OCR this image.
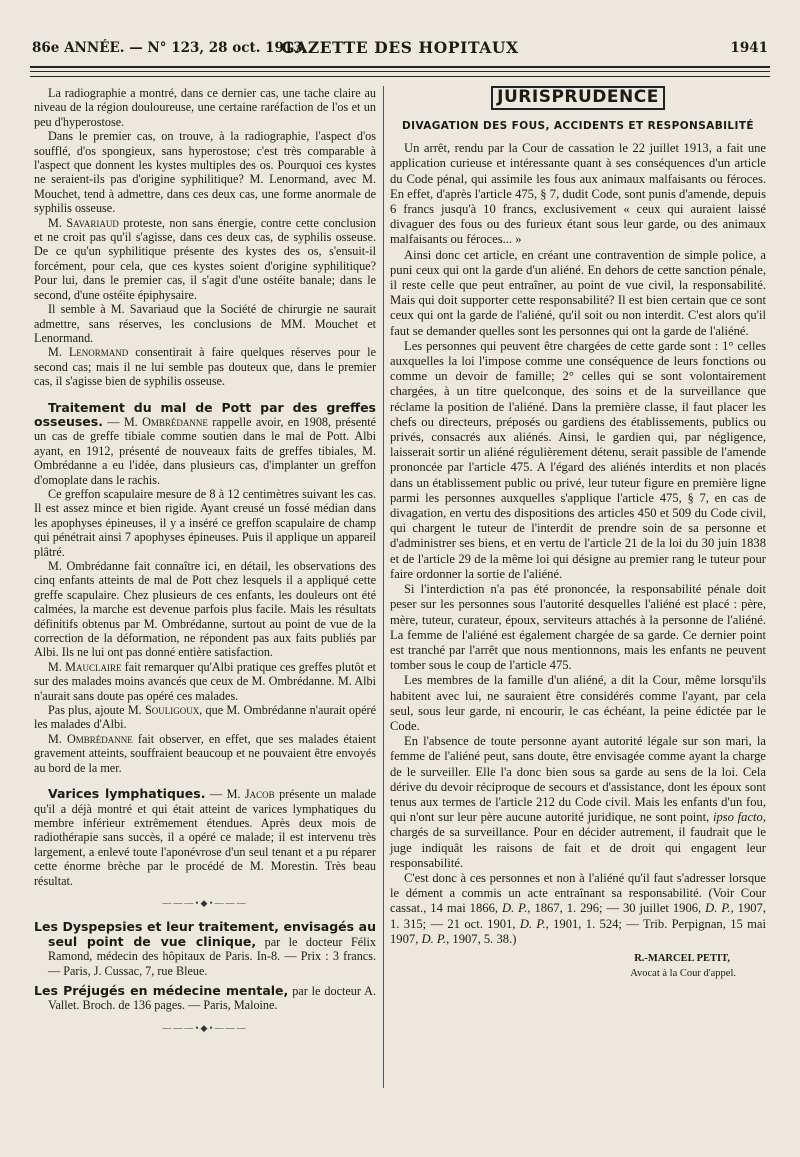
86e ANNÉE. — N° 123, 28 oct. 1913.
GAZETTE DES HOPITAUX	1941

La radiographie a montré, dans ce dernier cas, une tache claire au niveau de la région douloureuse, une certaine raréfaction de l'os et un peu d'hyperostose.

Dans le premier cas, on trouve, à la radiographie, l'aspect d'os soufflé, d'os spongieux, sans hyperostose; c'est très comparable à l'aspect que donnent les kystes multiples des os. Pourquoi ces kystes ne seraient-ils pas d'origine syphilitique? M. Lenormand, avec M. Mouchet, tend à admettre, dans ces deux cas, une forme anormale de syphilis osseuse.

M. Savariaud proteste, non sans énergie, contre cette conclusion et ne croit pas qu'il s'agisse, dans ces deux cas, de syphilis osseuse. De ce qu'un syphilitique présente des kystes des os, s'ensuit-il forcément, pour cela, que ces kystes soient d'origine syphilitique? Pour lui, dans le premier cas, il s'agit d'une ostéite banale; dans le second, d'une ostéite épiphysaire.

Il semble à M. Savariaud que la Société de chirurgie ne saurait admettre, sans réserves, les conclusions de MM. Mouchet et Lenormand.

M. Lenormand consentirait à faire quelques réserves pour le second cas; mais il ne lui semble pas douteux que, dans le premier cas, il s'agisse bien de syphilis osseuse.

Traitement du mal de Pott par des greffes osseuses. — M. Ombrédanne rappelle avoir, en 1908, présenté un cas de greffe tibiale comme soutien dans le mal de Pott. Albi ayant, en 1912, présenté de nouveaux faits de greffes tibiales, M. Ombrédanne a eu l'idée, dans plusieurs cas, d'implanter un greffon d'omoplate dans le rachis.

Ce greffon scapulaire mesure de 8 à 12 centimètres suivant les cas. Il est assez mince et bien rigide. Ayant creusé un fossé médian dans les apophyses épineuses, il y a inséré ce greffon scapulaire de champ qui pénétrait ainsi 7 apophyses épineuses. Puis il applique un appareil plâtré.

M. Ombrédanne fait connaître ici, en détail, les observations des cinq enfants atteints de mal de Pott chez lesquels il a appliqué cette greffe scapulaire. Chez plusieurs de ces enfants, les douleurs ont été calmées, la marche est devenue parfois plus facile. Mais les résultats définitifs obtenus par M. Ombrédanne, surtout au point de vue de la correction de la déformation, ne répondent pas aux faits publiés par Albi. Ils ne lui ont pas donné entière satisfaction.

M. Mauclaire fait remarquer qu'Albi pratique ces greffes plutôt et sur des malades moins avancés que ceux de M. Ombrédanne. M. Albi n'aurait sans doute pas opéré ces malades.

Pas plus, ajoute M. Souligoux, que M. Ombrédanne n'aurait opéré les malades d'Albi.

M. Ombrédanne fait observer, en effet, que ses malades étaient gravement atteints, souffraient beaucoup et ne pouvaient être envoyés au bord de la mer.

Varices lymphatiques. — M. Jacob présente un malade qu'il a déjà montré et qui était atteint de varices lymphatiques du membre inférieur extrêmement étendues. Après deux mois de radiothérapie sans succès, il a opéré ce malade; il est intervenu très largement, a enlevé toute l'aponévrose d'un seul tenant et a pu réparer cette énorme brèche par le procédé de M. Morestin. Très beau résultat.

———•◆•———

Les Dyspepsies et leur traitement, envisagés au seul point de vue clinique, par le docteur Félix Ramond, médecin des hôpitaux de Paris. In-8. — Prix : 3 francs. — Paris, J. Cussac, 7, rue Bleue.

Les Préjugés en médecine mentale, par le docteur A. Vallet. Broch. de 136 pages. — Paris, Maloine.

———•◆•———
JURISPRUDENCE
DIVAGATION DES FOUS, ACCIDENTS ET RESPONSABILITÉ

Un arrêt, rendu par la Cour de cassation le 22 juillet 1913, a fait une application curieuse et intéressante quant à ses conséquences d'un article du Code pénal, qui assimile les fous aux animaux malfaisants ou féroces. En effet, d'après l'article 475, § 7, dudit Code, sont punis d'amende, depuis 6 francs jusqu'à 10 francs, exclusivement « ceux qui auraient laissé divaguer des fous ou des furieux étant sous leur garde, ou des animaux malfaisants ou féroces... »

Ainsi donc cet article, en créant une contravention de simple police, a puni ceux qui ont la garde d'un aliéné. En dehors de cette sanction pénale, il reste celle que peut entraîner, au point de vue civil, la responsabilité. Mais qui doit supporter cette responsabilité? Il est bien certain que ce sont ceux qui ont la garde de l'aliéné, qu'il soit ou non interdit. C'est alors qu'il faut se demander quelles sont les personnes qui ont la garde de l'aliéné.

Les personnes qui peuvent être chargées de cette garde sont : 1° celles auxquelles la loi l'impose comme une conséquence de leurs fonctions ou comme un devoir de famille; 2° celles qui se sont volontairement chargées, à un titre quelconque, des soins et de la surveillance que réclame la position de l'aliéné. Dans la première classe, il faut placer les chefs ou directeurs, préposés ou gardiens des établissements, publics ou privés, consacrés aux aliénés. Ainsi, le gardien qui, par négligence, laisserait sortir un aliéné régulièrement détenu, serait passible de l'amende prononcée par l'article 475. A l'égard des aliénés interdits et non placés dans un établissement public ou privé, leur tuteur figure en première ligne parmi les personnes auxquelles s'applique l'article 475, § 7, en cas de divagation, en vertu des dispositions des articles 450 et 509 du Code civil, qui chargent le tuteur de l'interdit de prendre soin de sa personne et d'administrer ses biens, et en vertu de l'article 21 de la loi du 30 juin 1838 et de l'article 29 de la même loi qui désigne au premier rang le tuteur pour faire ordonner la sortie de l'aliéné.

Si l'interdiction n'a pas été prononcée, la responsabilité pénale doit peser sur les personnes sous l'autorité desquelles l'aliéné est placé : père, mère, tuteur, curateur, époux, serviteurs attachés à la personne de l'aliéné. La femme de l'aliéné est également chargée de sa garde. Ce dernier point est tranché par l'arrêt que nous mentionnons, mais les enfants ne peuvent tomber sous le coup de l'article 475.

Les membres de la famille d'un aliéné, a dit la Cour, même lorsqu'ils habitent avec lui, ne sauraient être considérés comme l'ayant, par cela seul, sous leur garde, ni encourir, le cas échéant, la peine édictée par le Code.

En l'absence de toute personne ayant autorité légale sur son mari, la femme de l'aliéné peut, sans doute, être envisagée comme ayant la charge de le surveiller. Elle l'a donc bien sous sa garde au sens de la loi. Cela dérive du devoir réciproque de secours et d'assistance, dont les époux sont tenus aux termes de l'article 212 du Code civil. Mais les enfants d'un fou, qui n'ont sur leur père aucune autorité juridique, ne sont point, ipso facto, chargés de sa surveillance. Pour en décider autrement, il faudrait que le juge indiquât les raisons de fait et de droit qui engagent leur responsabilité.

C'est donc à ces personnes et non à l'aliéné qu'il faut s'adresser lorsque le dément a commis un acte entraînant sa responsabilité. (Voir Cour cassat., 14 mai 1866, D. P., 1867, 1. 296; — 30 juillet 1906, D. P., 1907, 1. 315; — 21 oct. 1901, D. P., 1901, 1. 524; — Trib. Perpignan, 15 mai 1907, D. P., 1907, 5. 38.)

R.-MARCEL PETIT,
Avocat à la Cour d'appel.
